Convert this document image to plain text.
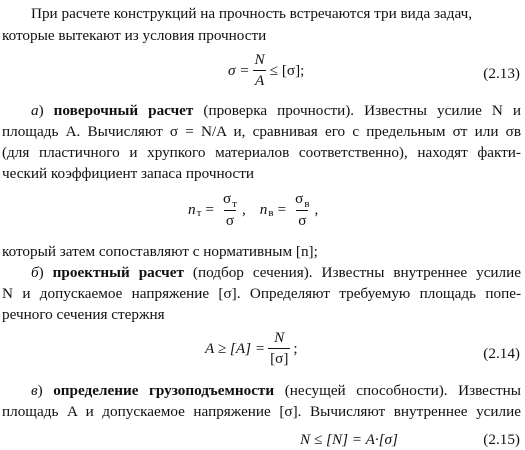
При расчете конструкций на прочность встречаются три вида задач,
которые вытекают из условия прочности
$\sigma = \frac{N}{A} \le [\sigma]$;	(2.13)
а) поверочный расчет (проверка прочности). Известны усилие N и
площадь A. Вычисляют σ = N/A и, сравнивая его с предельным σт или σв
(для пластичного и хрупкого материалов соответственно), находят факти-
ческий коэффициент запаса прочности
n $т = \frac{\sigma_т}{\sigma}$ , n $в = \frac{\sigma_в}{\sigma}$ ,
который затем сопоставляют с нормативным [n];
б) проектный расчет (подбор сечения). Известны внутреннее усилие
N и допускаемое напряжение [σ]. Определяют требуемую площадь попе-
речного сечения стержня
$A \ge [A] = \frac{N}{[\sigma]}$ ;	(2.14)
в) определение грузоподъемности (несущей способности). Известны
площадь A и допускаемое напряжение [σ]. Вычисляют внутреннее усилие
N ≤ [N] = A·[σ]	(2.15)
